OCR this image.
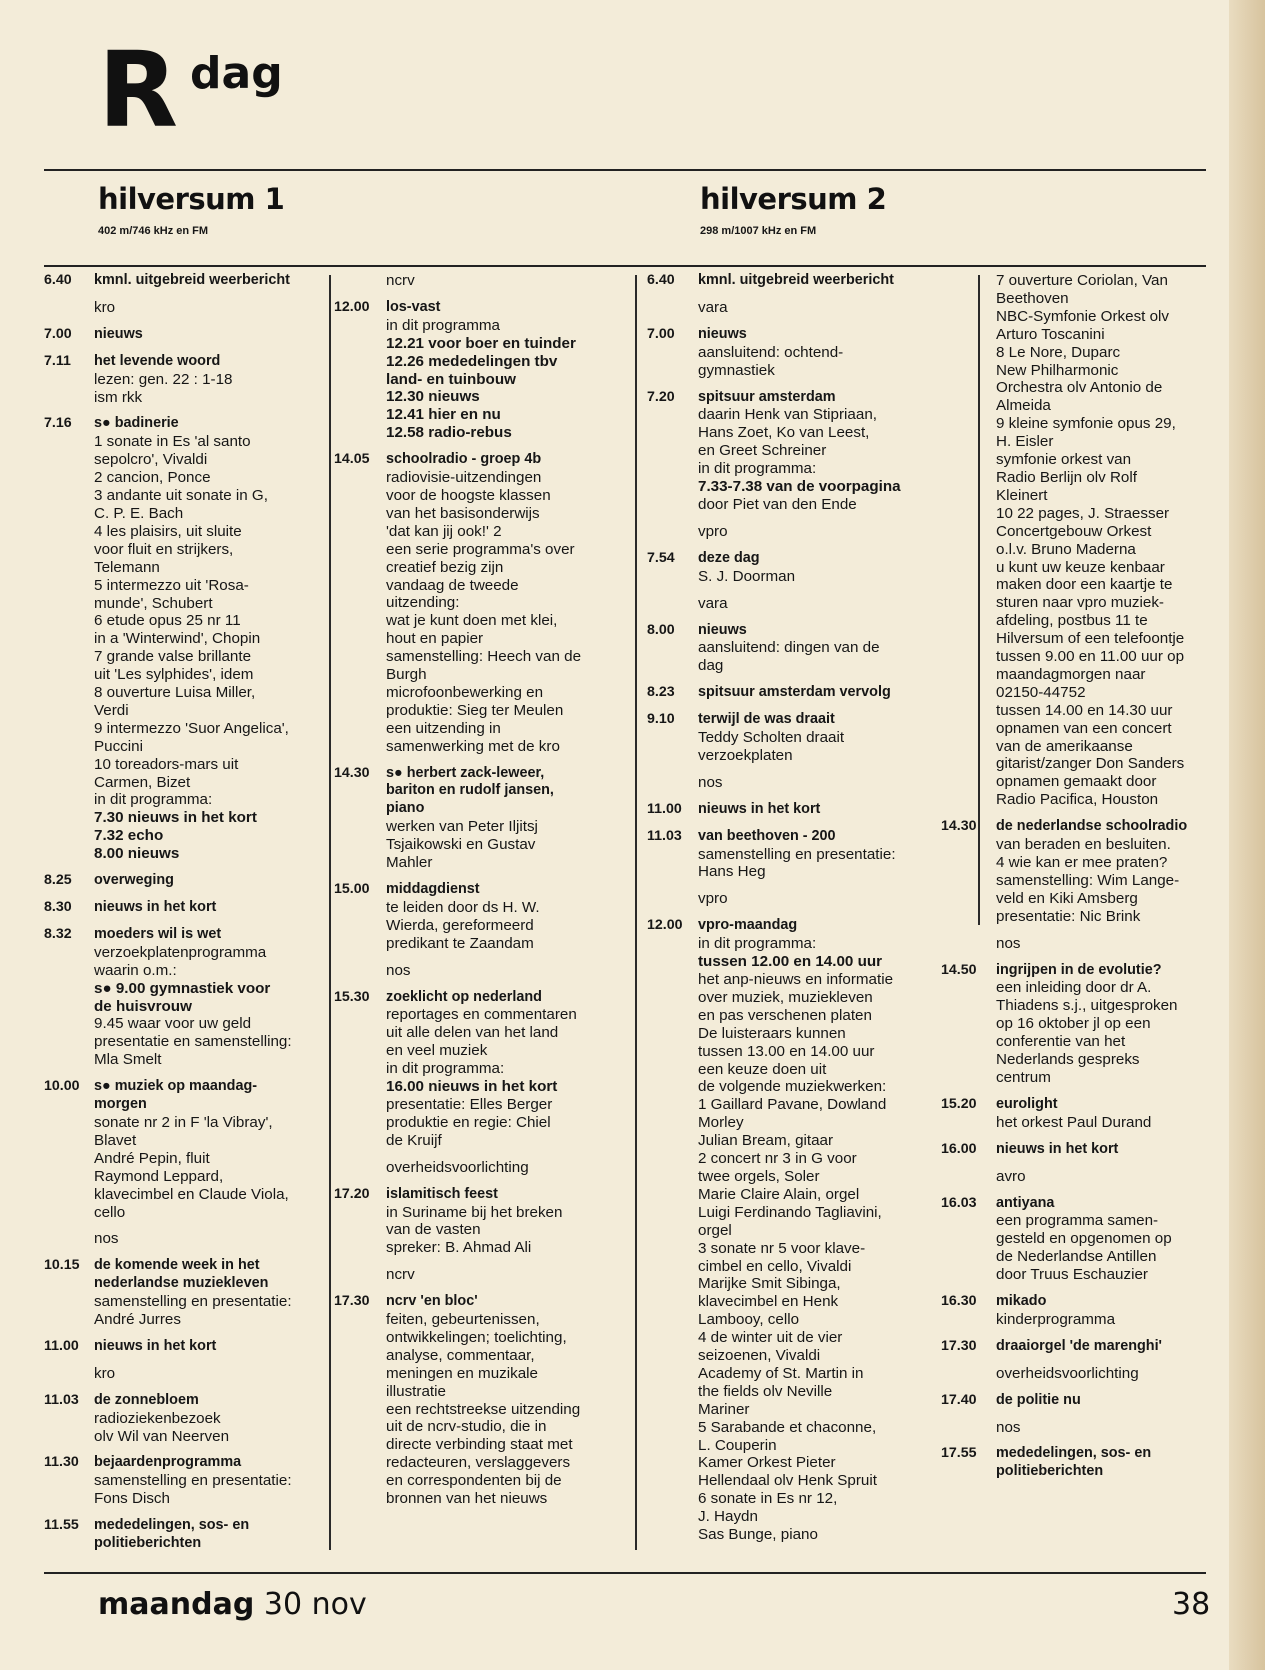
R dag
hilversum 1
402 m/746 kHz en FM
hilversum 2
298 m/1007 kHz en FM
6.40 kmnl. uitgebreid weerbericht
kro
7.00 nieuws
7.11 het levende woord
lezen: gen. 22 : 1-18
ism rkk
7.16 s● badinerie
1 sonate in Es 'al santo
sepolcro', Vivaldi
2 cancion, Ponce
3 andante uit sonate in G,
C. P. E. Bach
4 les plaisirs, uit sluite
voor fluit en strijkers,
Telemann
5 intermezzo uit 'Rosa-
munde', Schubert
6 etude opus 25 nr 11
in a 'Winterwind', Chopin
7 grande valse brillante
uit 'Les sylphides', idem
8 ouverture Luisa Miller,
Verdi
9 intermezzo 'Suor Angelica',
Puccini
10 toreadors-mars uit
Carmen, Bizet
in dit programma:
7.30 nieuws in het kort
7.32 echo
8.00 nieuws
8.25 overweging
8.30 nieuws in het kort
8.32 moeders wil is wet
verzoekplatenprogramma
waarin o.m.:
s● 9.00 gymnastiek voor
de huisvrouw
9.45 waar voor uw geld
presentatie en samenstelling:
Mla Smelt
10.00 s● muziek op maandag-
morgen
sonate nr 2 in F 'la Vibray',
Blavet
André Pepin, fluit
Raymond Leppard,
klavecimbel en Claude Viola,
cello
nos
10.15 de komende week in het
nederlandse muziekleven
samenstelling en presentatie:
André Jurres
11.00 nieuws in het kort
kro
11.03 de zonnebloem
radioziekenbezoek
olv Wil van Neerven
11.30 bejaardenprogramma
samenstelling en presentatie:
Fons Disch
11.55 mededelingen, sos- en
politieberichten
ncrv
12.00 los-vast
in dit programma
12.21 voor boer en tuinder
12.26 mededelingen tbv
land- en tuinbouw
12.30 nieuws
12.41 hier en nu
12.58 radio-rebus
14.05 schoolradio - groep 4b
radiovisie-uitzendingen
voor de hoogste klassen
van het basisonderwijs
'dat kan jij ook!' 2
een serie programma's over
creatief bezig zijn
vandaag de tweede
uitzending:
wat je kunt doen met klei,
hout en papier
samenstelling: Heech van de
Burgh
microfoonbewerking en
produktie: Sieg ter Meulen
een uitzending in
samenwerking met de kro
14.30 s● herbert zack-leweer,
bariton en rudolf jansen,
piano
werken van Peter Iljitsj
Tsjaikowski en Gustav
Mahler
15.00 middagdienst
te leiden door ds H. W.
Wierda, gereformeerd
predikant te Zaandam
nos
15.30 zoeklicht op nederland
reportages en commentaren
uit alle delen van het land
en veel muziek
in dit programma:
16.00 nieuws in het kort
presentatie: Elles Berger
produktie en regie: Chiel
de Kruijf
overheidsvoorlichting
17.20 islamitisch feest
in Suriname bij het breken
van de vasten
spreker: B. Ahmad Ali
ncrv
17.30 ncrv 'en bloc'
feiten, gebeurtenissen,
ontwikkelingen; toelichting,
analyse, commentaar,
meningen en muzikale
illustratie
een rechtstreekse uitzending
uit de ncrv-studio, die in
directe verbinding staat met
redacteuren, verslaggevers
en correspondenten bij de
bronnen van het nieuws
6.40 kmnl. uitgebreid weerbericht
vara
7.00 nieuws
aansluitend: ochtend-
gymnastiek
7.20 spitsuur amsterdam
daarin Henk van Stipriaan,
Hans Zoet, Ko van Leest,
en Greet Schreiner
in dit programma:
7.33-7.38 van de voorpagina
door Piet van den Ende
vpro
7.54 deze dag
S. J. Doorman
vara
8.00 nieuws
aansluitend: dingen van de
dag
8.23 spitsuur amsterdam vervolg
9.10 terwijl de was draait
Teddy Scholten draait
verzoekplaten
nos
11.00 nieuws in het kort
11.03 van beethoven - 200
samenstelling en presentatie:
Hans Heg
vpro
12.00 vpro-maandag
in dit programma:
tussen 12.00 en 14.00 uur
het anp-nieuws en informatie
over muziek, muziekleven
en pas verschenen platen
De luisteraars kunnen
tussen 13.00 en 14.00 uur
een keuze doen uit
de volgende muziekwerken:
1 Gaillard Pavane, Dowland
Morley
Julian Bream, gitaar
2 concert nr 3 in G voor
twee orgels, Soler
Marie Claire Alain, orgel
Luigi Ferdinando Tagliavini,
orgel
3 sonate nr 5 voor klave-
cimbel en cello, Vivaldi
Marijke Smit Sibinga,
klavecimbel en Henk
Lambooy, cello
4 de winter uit de vier
seizoenen, Vivaldi
Academy of St. Martin in
the fields olv Neville
Mariner
5 Sarabande et chaconne,
L. Couperin
Kamer Orkest Pieter
Hellendaal olv Henk Spruit
6 sonate in Es nr 12,
J. Haydn
Sas Bunge, piano
7 ouverture Coriolan, Van
Beethoven
NBC-Symfonie Orkest olv
Arturo Toscanini
8 Le Nore, Duparc
New Philharmonic
Orchestra olv Antonio de
Almeida
9 kleine symfonie opus 29,
H. Eisler
symfonie orkest van
Radio Berlijn olv Rolf
Kleinert
10 22 pages, J. Straesser
Concertgebouw Orkest
o.l.v. Bruno Maderna
u kunt uw keuze kenbaar
maken door een kaartje te
sturen naar vpro muziek-
afdeling, postbus 11 te
Hilversum of een telefoontje
tussen 9.00 en 11.00 uur op
maandagmorgen naar
02150-44752
tussen 14.00 en 14.30 uur
opnamen van een concert
van de amerikaanse
gitarist/zanger Don Sanders
opnamen gemaakt door
Radio Pacifica, Houston
14.30 de nederlandse schoolradio
van beraden en besluiten.
4 wie kan er mee praten?
samenstelling: Wim Lange-
veld en Kiki Amsberg
presentatie: Nic Brink
nos
14.50 ingrijpen in de evolutie?
een inleiding door dr A.
Thiadens s.j., uitgesproken
op 16 oktober jl op een
conferentie van het
Nederlands gespreks
centrum
15.20 eurolight
het orkest Paul Durand
16.00 nieuws in het kort
avro
16.03 antiyana
een programma samen-
gesteld en opgenomen op
de Nederlandse Antillen
door Truus Eschauzier
16.30 mikado
kinderprogramma
17.30 draaiorgel 'de marenghi'
overheidsvoorlichting
17.40 de politie nu
nos
17.55 mededelingen, sos- en
politieberichten
maandag 30 nov	38
